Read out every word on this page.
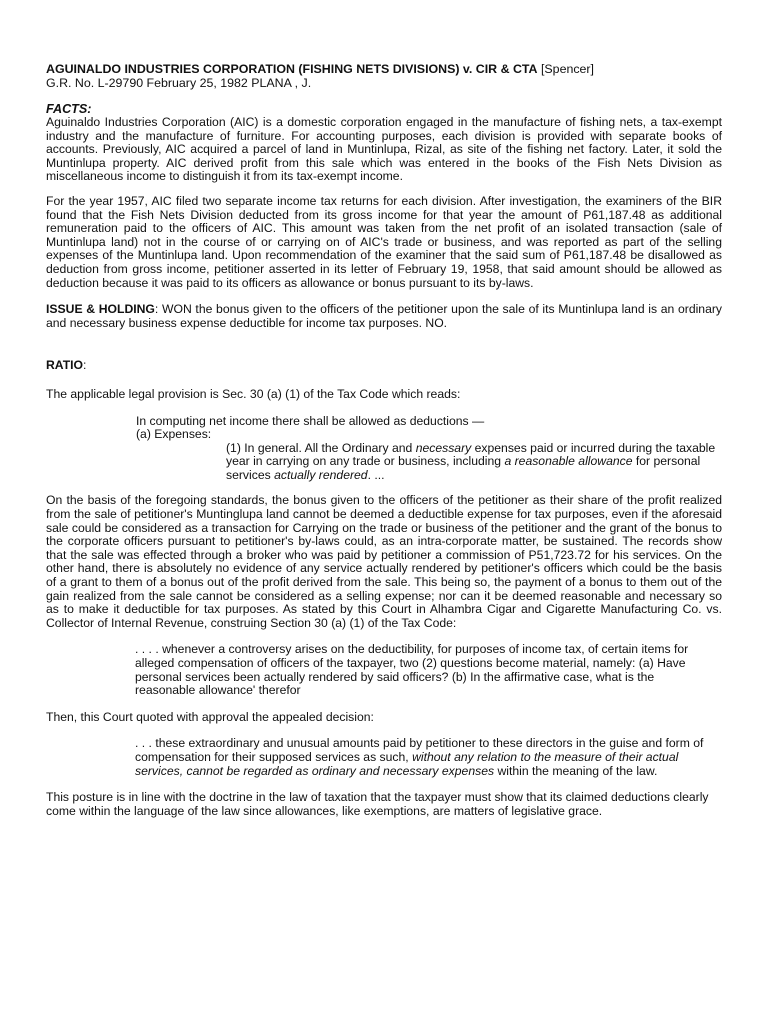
AGUINALDO INDUSTRIES CORPORATION (FISHING NETS DIVISIONS) v. CIR & CTA [Spencer]

G.R. No. L-29790 February 25, 1982 PLANA , J.

FACTS:

Aguinaldo Industries Corporation (AIC) is a domestic corporation engaged in the manufacture of fishing nets, a tax-exempt industry and the manufacture of furniture. For accounting purposes, each division is provided with separate books of accounts. Previously, AIC acquired a parcel of land in Muntinlupa, Rizal, as site of the fishing net factory. Later, it sold the Muntinlupa property. AIC derived profit from this sale which was entered in the books of the Fish Nets Division as miscellaneous income to distinguish it from its tax-exempt income.

For the year 1957, AIC filed two separate income tax returns for each division. After investigation, the examiners of the BIR found that the Fish Nets Division deducted from its gross income for that year the amount of P61,187.48 as additional remuneration paid to the officers of AIC. This amount was taken from the net profit of an isolated transaction (sale of Muntinlupa land) not in the course of or carrying on of AIC's trade or business, and was reported as part of the selling expenses of the Muntinlupa land. Upon recommendation of the examiner that the said sum of P61,187.48 be disallowed as deduction from gross income, petitioner asserted in its letter of February 19, 1958, that said amount should be allowed as deduction because it was paid to its officers as allowance or bonus pursuant to its by-laws.

ISSUE & HOLDING: WON the bonus given to the officers of the petitioner upon the sale of its Muntinlupa land is an ordinary and necessary business expense deductible for income tax purposes. NO.

RATIO:

The applicable legal provision is Sec. 30 (a) (1) of the Tax Code which reads:

In computing net income there shall be allowed as deductions —

(a) Expenses:

(1) In general. All the Ordinary and necessary expenses paid or incurred during the taxable year in carrying on any trade or business, including a reasonable allowance for personal services actually rendered. ...

On the basis of the foregoing standards, the bonus given to the officers of the petitioner as their share of the profit realized from the sale of petitioner's Muntinglupa land cannot be deemed a deductible expense for tax purposes, even if the aforesaid sale could be considered as a transaction for Carrying on the trade or business of the petitioner and the grant of the bonus to the corporate officers pursuant to petitioner's by-laws could, as an intra-corporate matter, be sustained. The records show that the sale was effected through a broker who was paid by petitioner a commission of P51,723.72 for his services. On the other hand, there is absolutely no evidence of any service actually rendered by petitioner's officers which could be the basis of a grant to them of a bonus out of the profit derived from the sale. This being so, the payment of a bonus to them out of the gain realized from the sale cannot be considered as a selling expense; nor can it be deemed reasonable and necessary so as to make it deductible for tax purposes. As stated by this Court in Alhambra Cigar and Cigarette Manufacturing Co. vs. Collector of Internal Revenue, construing Section 30 (a) (1) of the Tax Code:

. . . . whenever a controversy arises on the deductibility, for purposes of income tax, of certain items for alleged compensation of officers of the taxpayer, two (2) questions become material, namely: (a) Have personal services been actually rendered by said officers? (b) In the affirmative case, what is the reasonable allowance' therefor

Then, this Court quoted with approval the appealed decision:

. . . these extraordinary and unusual amounts paid by petitioner to these directors in the guise and form of compensation for their supposed services as such, without any relation to the measure of their actual services, cannot be regarded as ordinary and necessary expenses within the meaning of the law.

This posture is in line with the doctrine in the law of taxation that the taxpayer must show that its claimed deductions clearly come within the language of the law since allowances, like exemptions, are matters of legislative grace.
